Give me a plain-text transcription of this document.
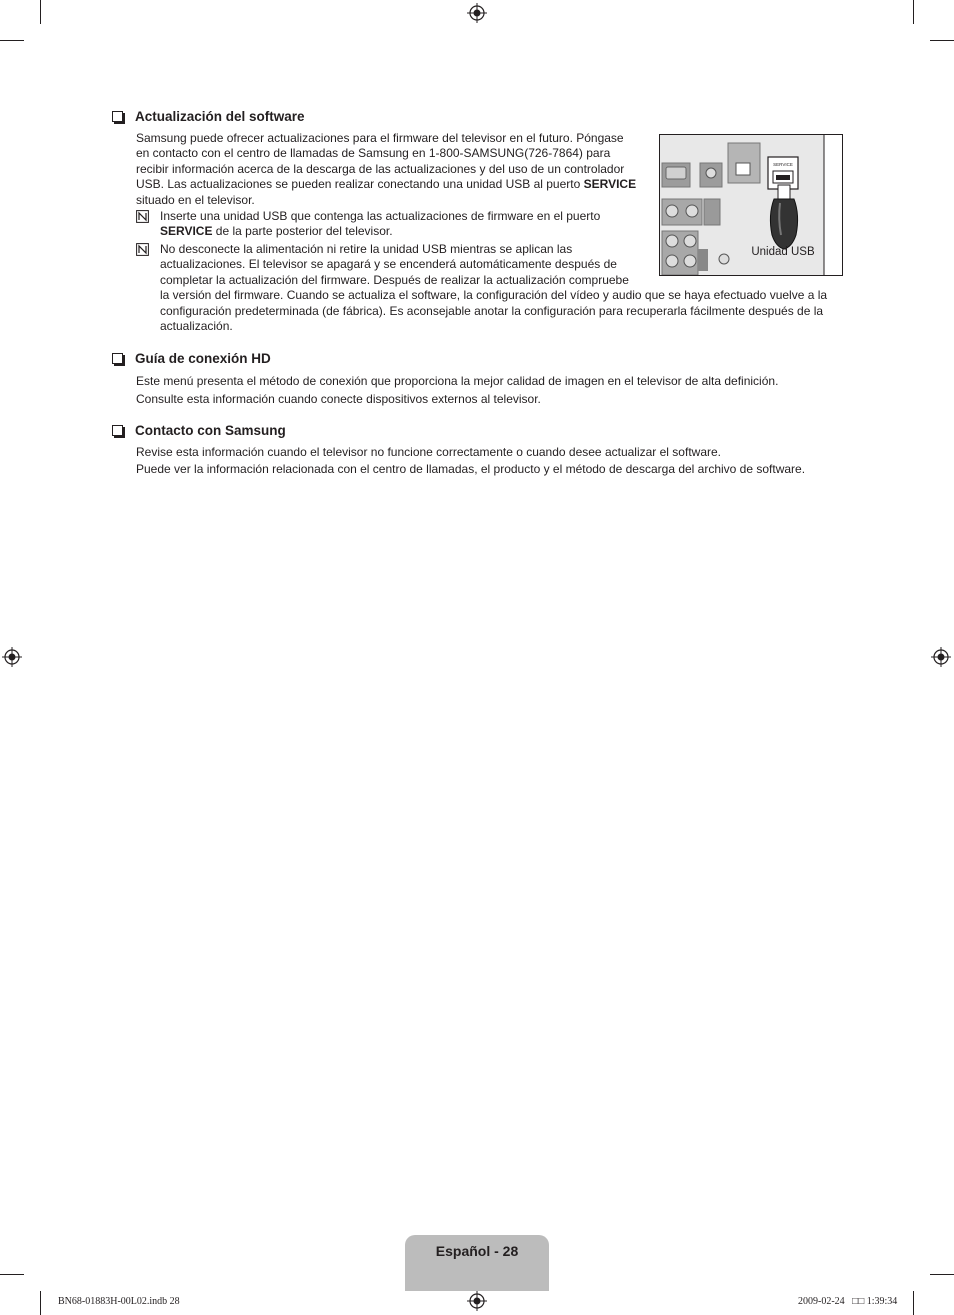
Actualización del software
Samsung puede ofrecer actualizaciones para el firmware del televisor en el futuro. Póngase
en contacto con el centro de llamadas de Samsung en 1-800-SAMSUNG(726-7864) para
recibir información acerca de la descarga de las actualizaciones y del uso de un controlador
USB. Las actualizaciones se pueden realizar conectando una unidad USB al puerto SERVICE
situado en el televisor.
Inserte una unidad USB que contenga las actualizaciones de firmware en el puerto
SERVICE de la parte posterior del televisor.
No desconecte la alimentación ni retire la unidad USB mientras se aplican las
actualizaciones. El televisor se apagará y se encenderá automáticamente después de
completar la actualización del firmware. Después de realizar la actualización compruebe
la versión del firmware. Cuando se actualiza el software, la configuración del vídeo y audio que se haya efectuado vuelve a la
configuración predeterminada (de fábrica). Es aconsejable anotar la configuración para recuperarla fácilmente después de la
actualización.
SERVICE
Unidad USB
Guía de conexión HD
Este menú presenta el método de conexión que proporciona la mejor calidad de imagen en el televisor de alta definición.
Consulte esta información cuando conecte dispositivos externos al televisor.
Contacto con Samsung
Revise esta información cuando el televisor no funcione correctamente o cuando desee actualizar el software.
Puede ver la información relacionada con el centro de llamadas, el producto y el método de descarga del archivo de software.
Español - 28
BN68-01883H-00L02.indb 28	2009-02-24   □□ 1:39:34
